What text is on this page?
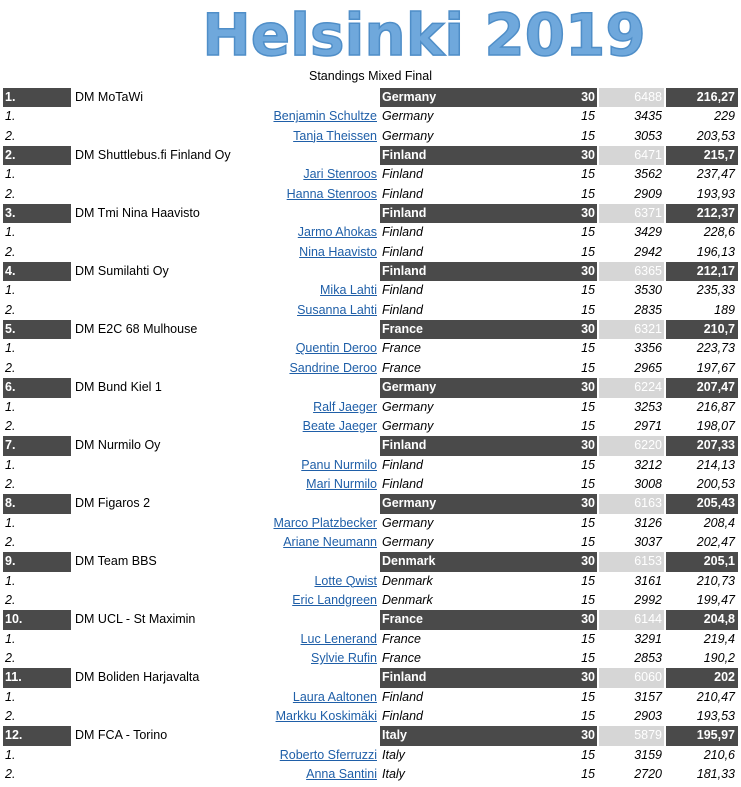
Helsinki 2019
Standings Mixed Final
1.	DM MoTaWi	Germany	30	6488	216,27
1.	Benjamin Schultze Germany	15	3435	229
2.	Tanja Theissen Germany	15	3053	203,53
2.	DM Shuttlebus.fi Finland Oy	Finland	30	6471	215,7
1.	Jari Stenroos Finland	15	3562	237,47
2.	Hanna Stenroos Finland	15	2909	193,93
3.	DM Tmi Nina Haavisto	Finland	30	6371	212,37
1.	Jarmo Ahokas Finland	15	3429	228,6
2.	Nina Haavisto Finland	15	2942	196,13
4.	DM Sumilahti Oy	Finland	30	6365	212,17
1.	Mika Lahti Finland	15	3530	235,33
2.	Susanna Lahti Finland	15	2835	189
5.	DM E2C 68 Mulhouse	France	30	6321	210,7
1.	Quentin Deroo France	15	3356	223,73
2.	Sandrine Deroo France	15	2965	197,67
6.	DM Bund Kiel 1	Germany	30	6224	207,47
1.	Ralf Jaeger Germany	15	3253	216,87
2.	Beate Jaeger Germany	15	2971	198,07
7.	DM Nurmilo Oy	Finland	30	6220	207,33
1.	Panu Nurmilo Finland	15	3212	214,13
2.	Mari Nurmilo Finland	15	3008	200,53
8.	DM Figaros 2	Germany	30	6163	205,43
1.	Marco Platzbecker Germany	15	3126	208,4
2.	Ariane Neumann Germany	15	3037	202,47
9.	DM Team BBS	Denmark	30	6153	205,1
1.	Lotte Qwist Denmark	15	3161	210,73
2.	Eric Landgreen Denmark	15	2992	199,47
10.	DM UCL - St Maximin	France	30	6144	204,8
1.	Luc Lenerand France	15	3291	219,4
2.	Sylvie Rufin France	15	2853	190,2
11.	DM Boliden Harjavalta	Finland	30	6060	202
1.	Laura Aaltonen Finland	15	3157	210,47
2.	Markku Koskimäki Finland	15	2903	193,53
12.	DM FCA - Torino	Italy	30	5879	195,97
1.	Roberto Sferruzzi Italy	15	3159	210,6
2.	Anna Santini Italy	15	2720	181,33
